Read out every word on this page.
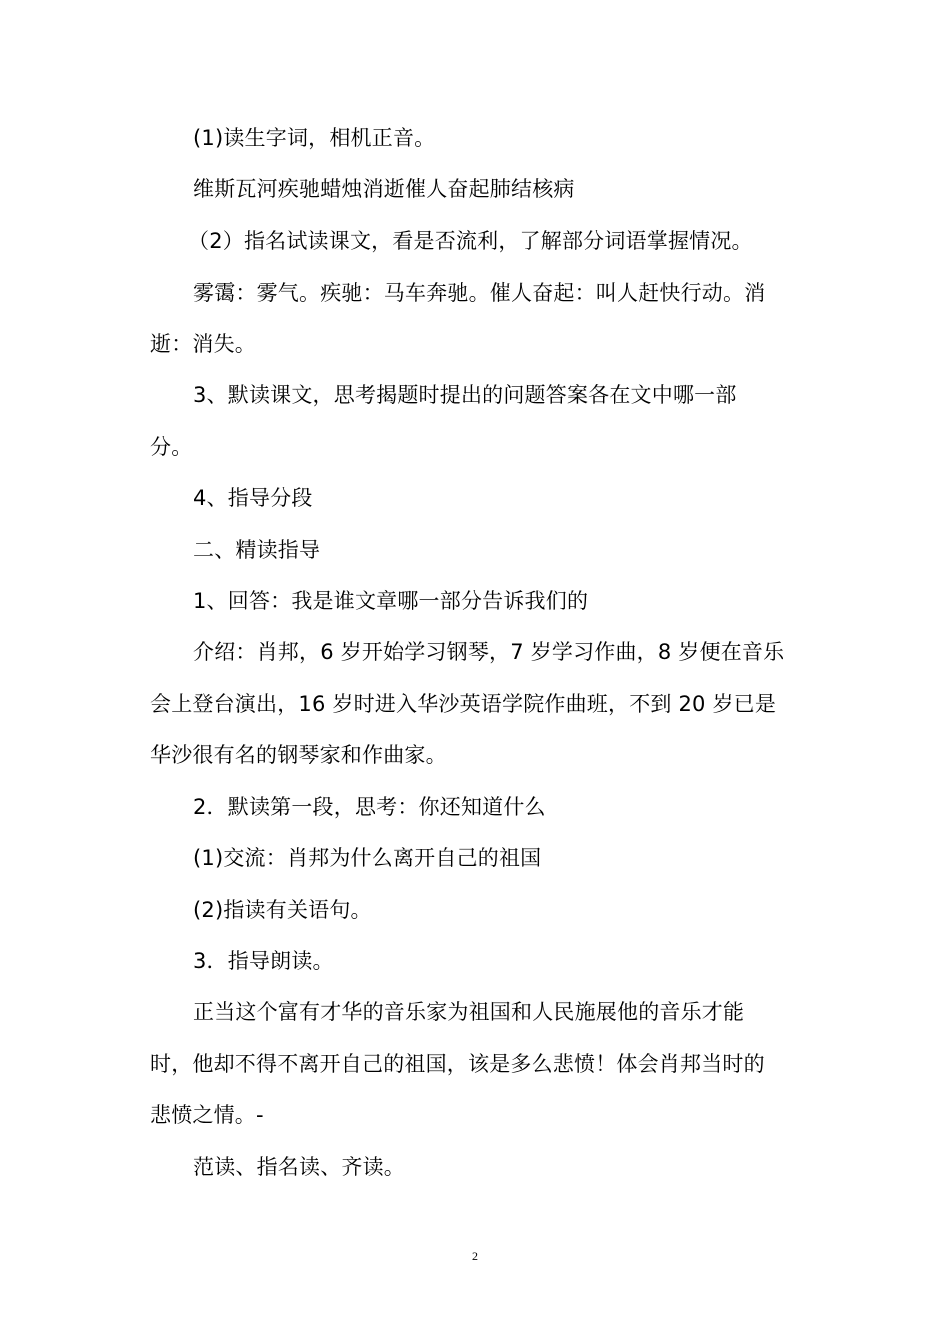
(1)读生字词，相机正音。
维斯瓦河疾驰蜡烛消逝催人奋起肺结核病
（2）指名试读课文，看是否流利，了解部分词语掌握情况。
雾霭：雾气。疾驰：马车奔驰。催人奋起：叫人赶快行动。消
逝：消失。
3、默读课文，思考揭题时提出的问题答案各在文中哪一部
分。
4、指导分段
二、精读指导
1、回答：我是谁文章哪一部分告诉我们的
介绍：肖邦，6 岁开始学习钢琴，7 岁学习作曲，8 岁便在音乐
会上登台演出，16 岁时进入华沙英语学院作曲班，不到 20 岁已是
华沙很有名的钢琴家和作曲家。
2．默读第一段，思考：你还知道什么
(1)交流：肖邦为什么离开自己的祖国
(2)指读有关语句。
3．指导朗读。
正当这个富有才华的音乐家为祖国和人民施展他的音乐才能
时，他却不得不离开自己的祖国，该是多么悲愤！体会肖邦当时的
悲愤之情。-
范读、指名读、齐读。
2
